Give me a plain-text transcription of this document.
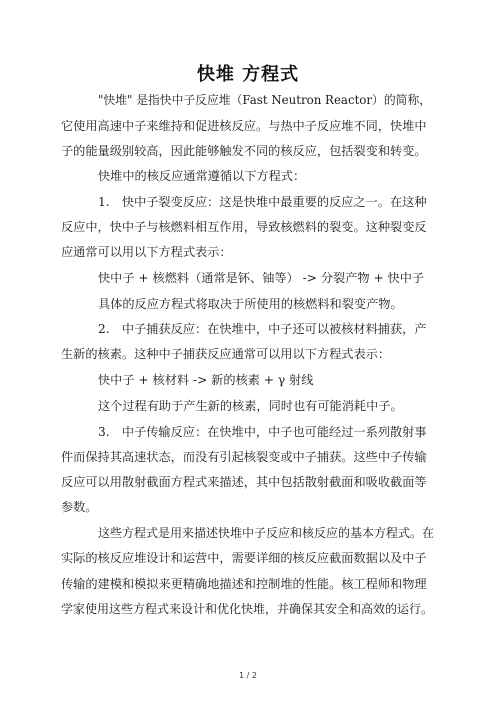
快堆 方程式
"快堆" 是指快中子反应堆（Fast Neutron Reactor）的简称，
它使用高速中子来维持和促进核反应。与热中子反应堆不同，快堆中
子的能量级别较高，因此能够触发不同的核反应，包括裂变和转变。
快堆中的核反应通常遵循以下方程式：
1.　快中子裂变反应：这是快堆中最重要的反应之一。在这种
反应中，快中子与核燃料相互作用，导致核燃料的裂变。这种裂变反
应通常可以用以下方程式表示：
快中子 + 核燃料（通常是钚、铀等） -> 分裂产物 + 快中子
具体的反应方程式将取决于所使用的核燃料和裂变产物。
2.　中子捕获反应：在快堆中，中子还可以被核材料捕获，产
生新的核素。这种中子捕获反应通常可以用以下方程式表示：
快中子 + 核材料 -> 新的核素 + γ 射线
这个过程有助于产生新的核素，同时也有可能消耗中子。
3.　中子传输反应：在快堆中，中子也可能经过一系列散射事
件而保持其高速状态，而没有引起核裂变或中子捕获。这些中子传输
反应可以用散射截面方程式来描述，其中包括散射截面和吸收截面等
参数。
这些方程式是用来描述快堆中子反应和核反应的基本方程式。在
实际的核反应堆设计和运营中，需要详细的核反应截面数据以及中子
传输的建模和模拟来更精确地描述和控制堆的性能。核工程师和物理
学家使用这些方程式来设计和优化快堆，并确保其安全和高效的运行。
1 / 2
